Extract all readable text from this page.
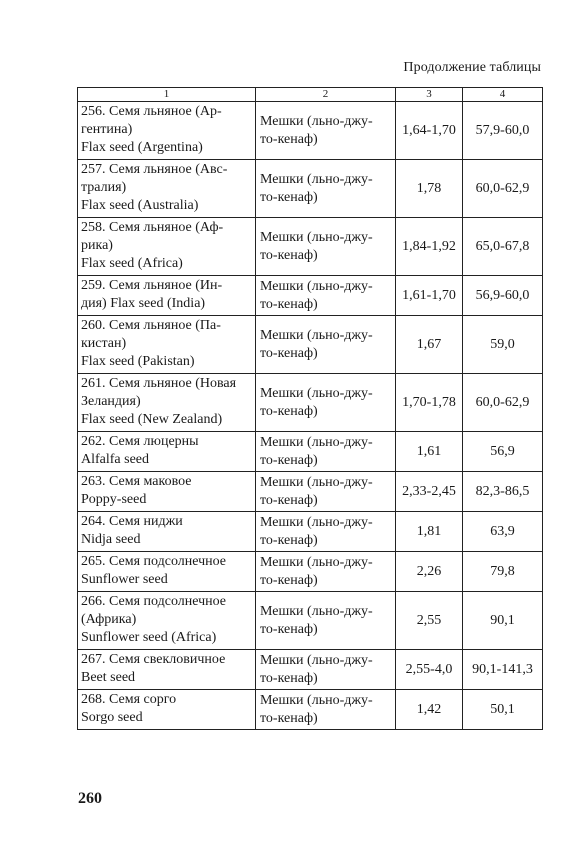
Продолжение таблицы
1	2	3	4

256. Семя льняное (Ар-
гентина)
Flax seed (Argentina)	Мешки (льно-джу-
то-кенаф)	1,64-1,70	57,9-60,0

257. Семя льняное (Авс-
тралия)
Flax seed (Australia)	Мешки (льно-джу-
то-кенаф)	1,78	60,0-62,9

258. Семя льняное (Аф-
рика)
Flax seed (Africa)	Мешки (льно-джу-
то-кенаф)	1,84-1,92	65,0-67,8

259. Семя льняное (Ин-
дия) Flax seed (India)	Мешки (льно-джу-
то-кенаф)	1,61-1,70	56,9-60,0

260. Семя льняное (Па-
кистан)
Flax seed (Pakistan)	Мешки (льно-джу-
то-кенаф)	1,67	59,0

261. Семя льняное (Новая
Зеландия)
Flax seed (New Zealand)	Мешки (льно-джу-
то-кенаф)	1,70-1,78	60,0-62,9

262. Семя люцерны
Alfalfa seed	Мешки (льно-джу-
то-кенаф)	1,61	56,9

263. Семя маковое
Poppy-seed	Мешки (льно-джу-
то-кенаф)	2,33-2,45	82,3-86,5

264. Семя ниджи
Nidja seed	Мешки (льно-джу-
то-кенаф)	1,81	63,9

265. Семя подсолнечное
Sunflower seed	Мешки (льно-джу-
то-кенаф)	2,26	79,8

266. Семя подсолнечное
(Африка)
Sunflower seed (Africa)	Мешки (льно-джу-
то-кенаф)	2,55	90,1

267. Семя свекловичное
Beet seed	Мешки (льно-джу-
то-кенаф)	2,55-4,0	90,1-141,3

268. Семя сорго
Sorgo seed	Мешки (льно-джу-
то-кенаф)	1,42	50,1
260
